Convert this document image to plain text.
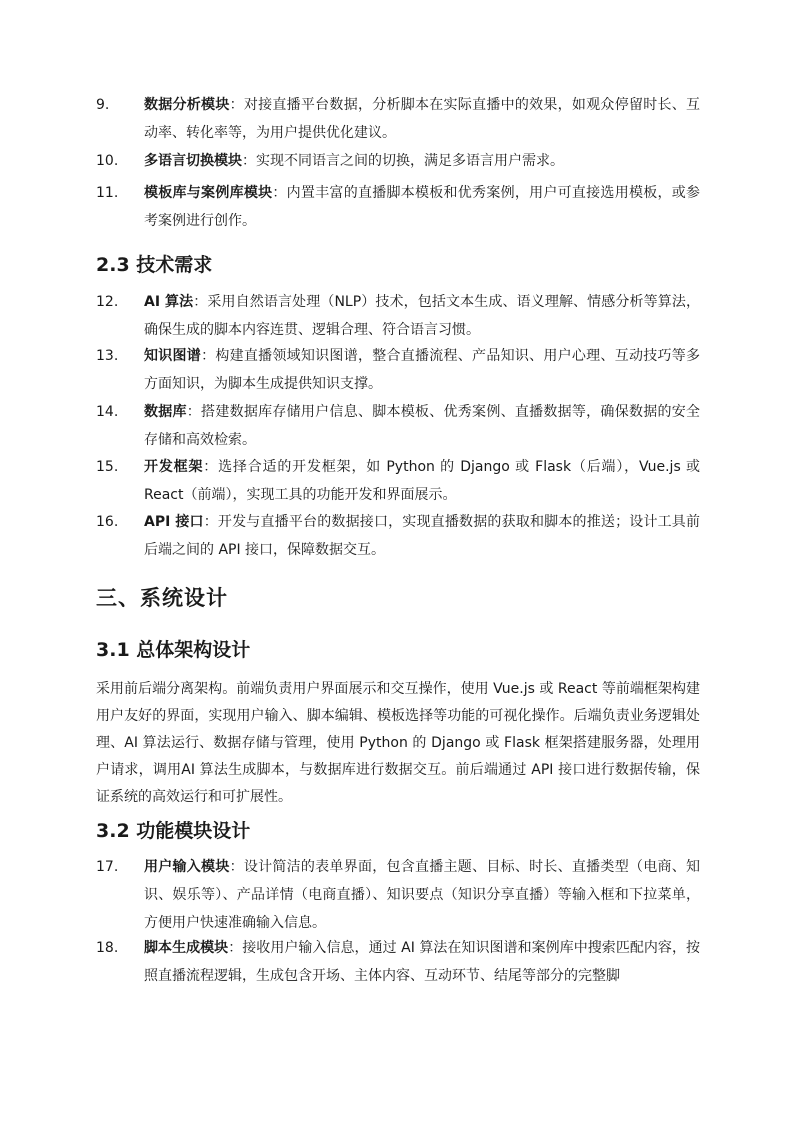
9.	数据分析模块：对接直播平台数据，分析脚本在实际直播中的效果，如观众停留时长、互动率、转化率等，为用户提供优化建议。
10.	多语言切换模块：实现不同语言之间的切换，满足多语言用户需求。
11.	模板库与案例库模块：内置丰富的直播脚本模板和优秀案例，用户可直接选用模板，或参考案例进行创作。
2.3 技术需求
12.	AI 算法：采用自然语言处理（NLP）技术，包括文本生成、语义理解、情感分析等算法，确保生成的脚本内容连贯、逻辑合理、符合语言习惯。
13.	知识图谱：构建直播领域知识图谱，整合直播流程、产品知识、用户心理、互动技巧等多方面知识，为脚本生成提供知识支撑。
14.	数据库：搭建数据库存储用户信息、脚本模板、优秀案例、直播数据等，确保数据的安全存储和高效检索。
15.	开发框架：选择合适的开发框架，如 Python 的 Django 或 Flask（后端），Vue.js 或 React（前端），实现工具的功能开发和界面展示。
16.	API 接口：开发与直播平台的数据接口，实现直播数据的获取和脚本的推送；设计工具前后端之间的 API 接口，保障数据交互。
三、系统设计
3.1 总体架构设计

采用前后端分离架构。前端负责用户界面展示和交互操作，使用 Vue.js 或 React 等前端框架构建用户友好的界面，实现用户输入、脚本编辑、模板选择等功能的可视化操作。后端负责业务逻辑处理、AI 算法运行、数据存储与管理，使用 Python 的 Django 或 Flask 框架搭建服务器，处理用户请求，调用AI 算法生成脚本，与数据库进行数据交互。前后端通过 API 接口进行数据传输，保证系统的高效运行和可扩展性。

3.2 功能模块设计
17.	用户输入模块：设计简洁的表单界面，包含直播主题、目标、时长、直播类型（电商、知识、娱乐等）、产品详情（电商直播）、知识要点（知识分享直播）等输入框和下拉菜单，方便用户快速准确输入信息。
18.	脚本生成模块：接收用户输入信息，通过 AI 算法在知识图谱和案例库中搜索匹配内容，按照直播流程逻辑，生成包含开场、主体内容、互动环节、结尾等部分的完整脚
